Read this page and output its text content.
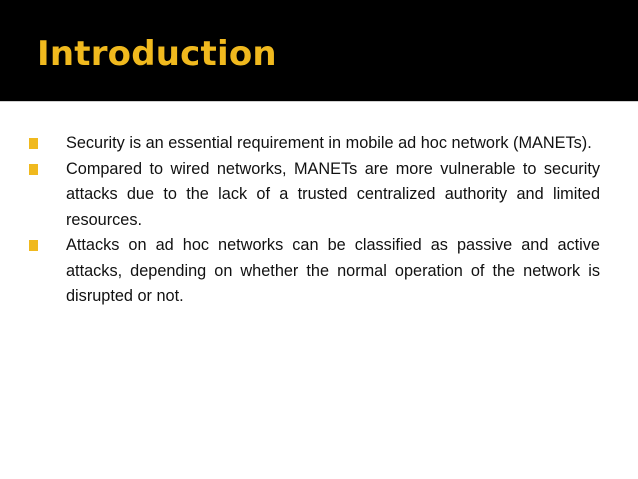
Introduction
Security is an essential requirement in mobile ad hoc network (MANETs).
Compared to wired networks, MANETs are more vulnerable to security attacks due to the lack of a trusted centralized authority and limited resources.
Attacks on ad hoc networks can be classified as passive and active attacks, depending on whether the normal operation of the network is disrupted or not.
